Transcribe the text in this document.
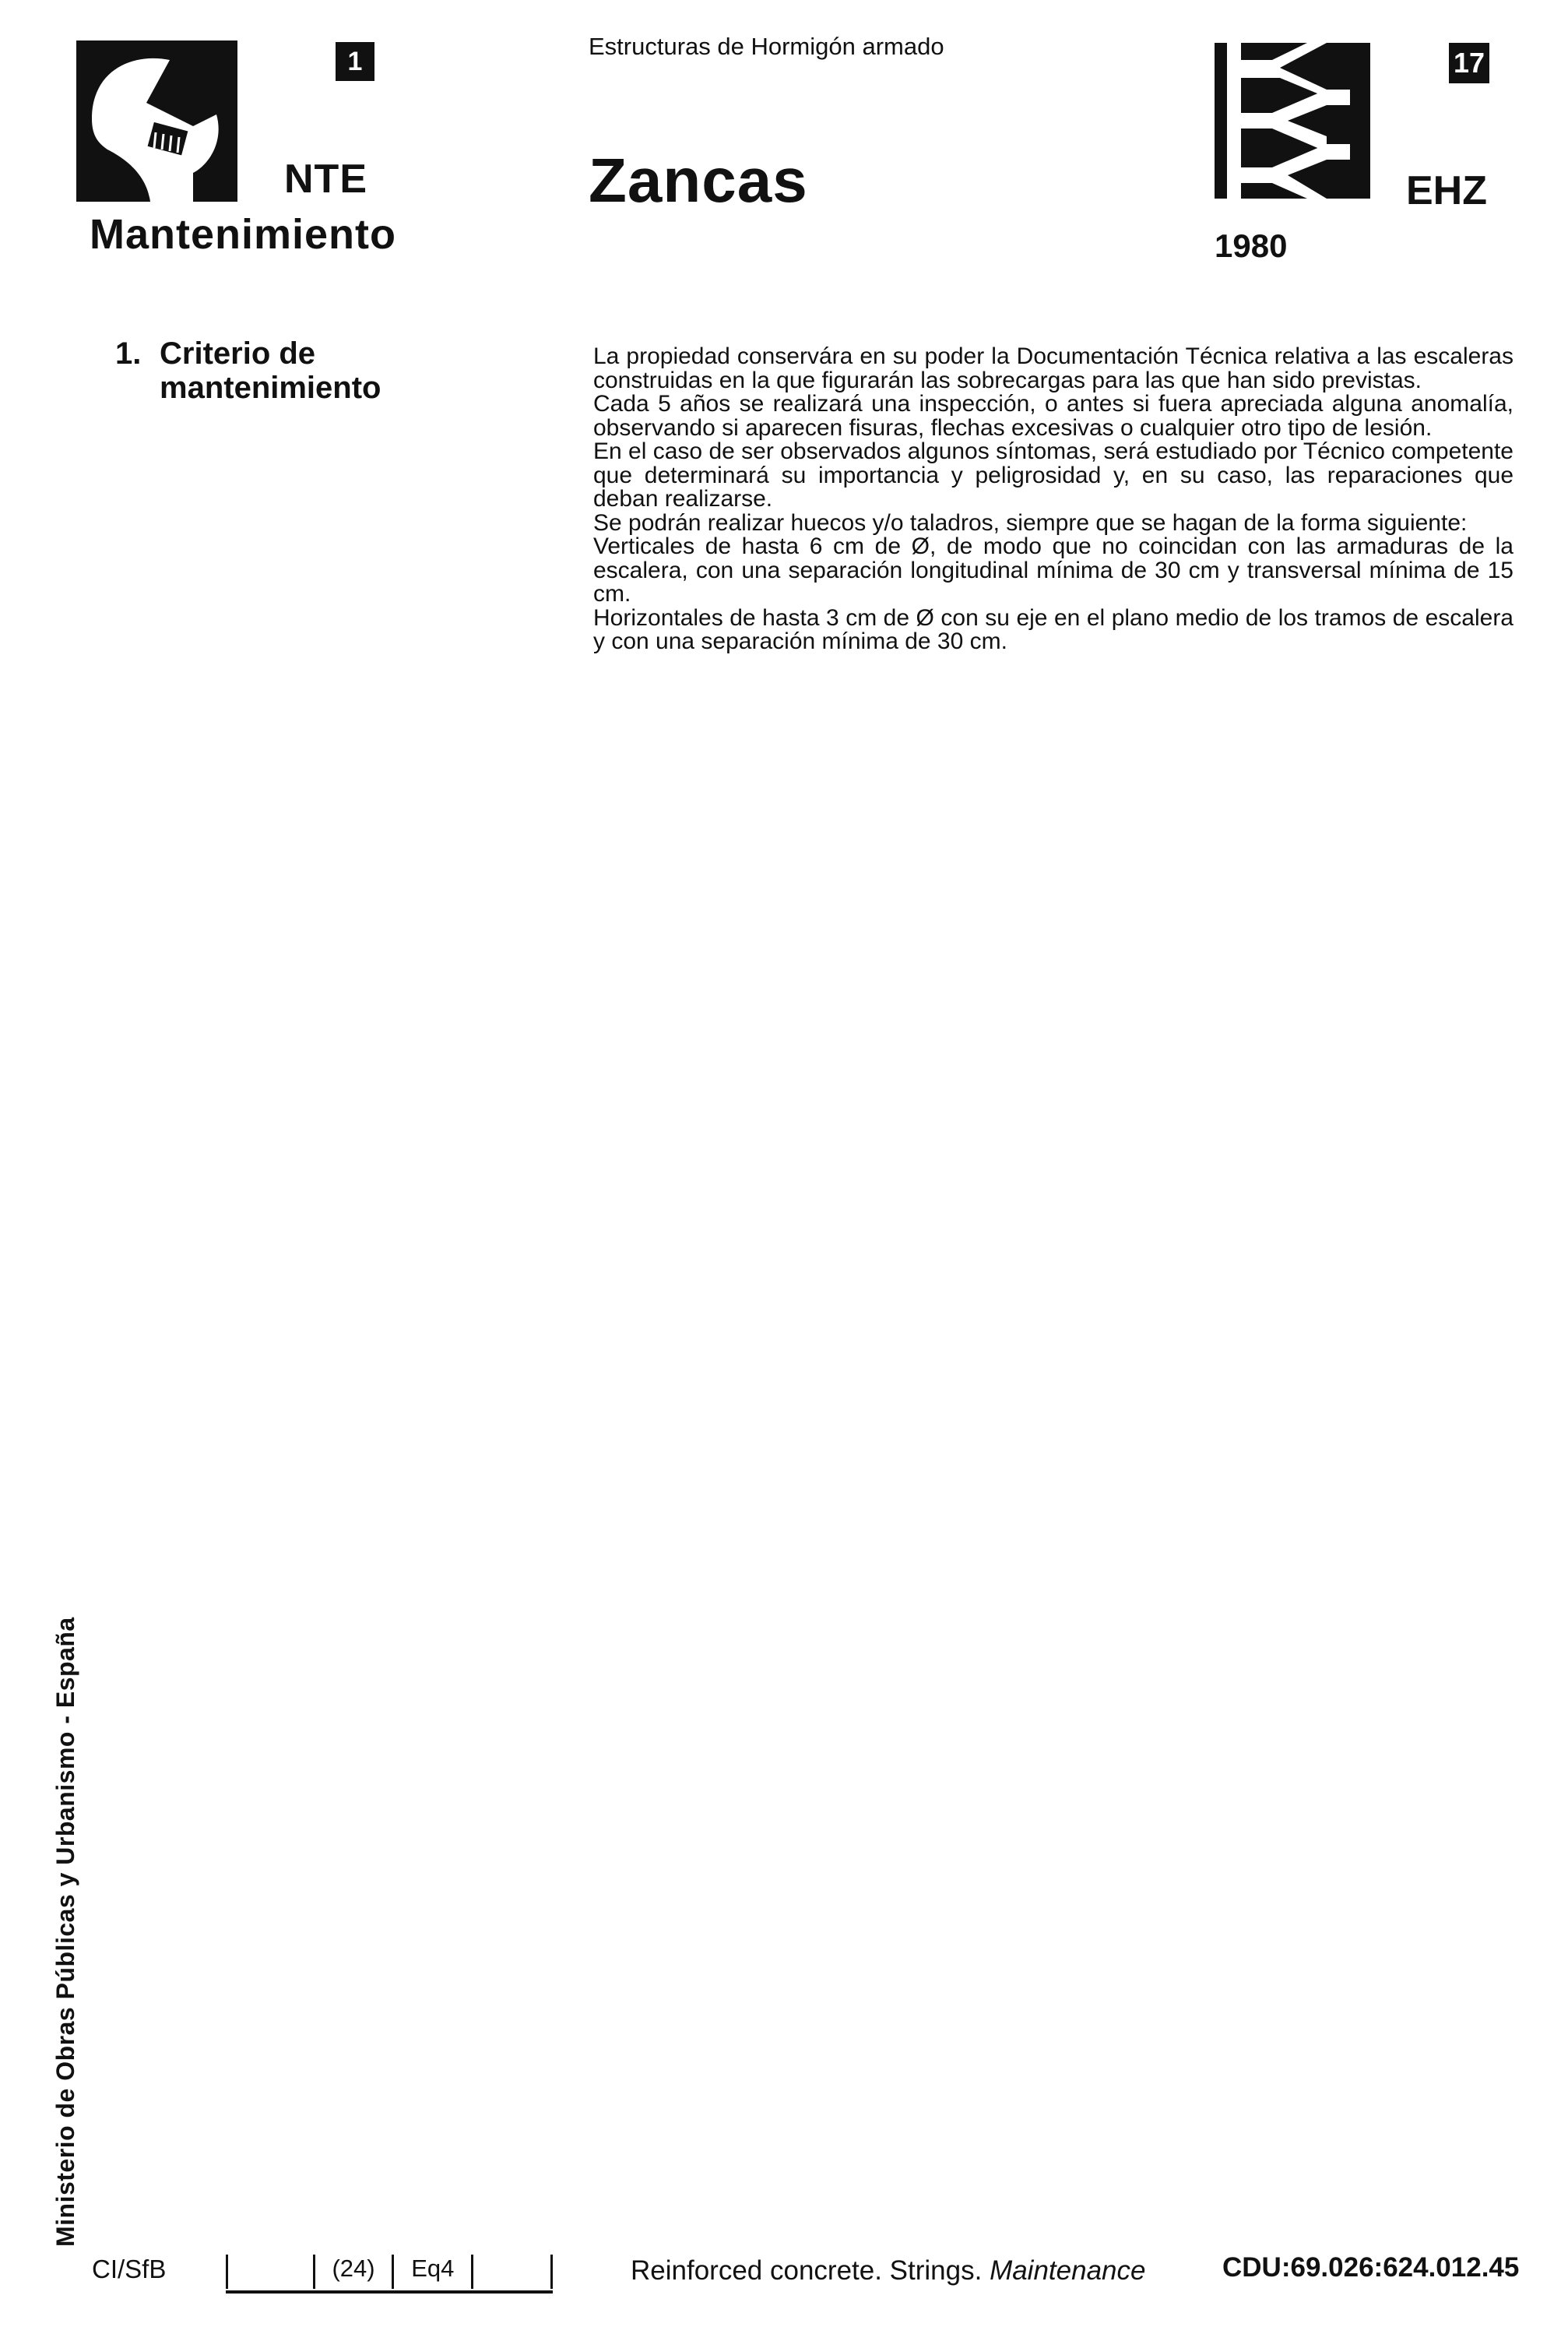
1
NTE
Mantenimiento
Estructuras de Hormigón armado
Zancas
17
EHZ
1980
1. Criterio de
mantenimiento

La propiedad conservára en su poder la Documentación Técnica relativa a las escaleras construidas en la que figurarán las sobrecargas para las que han sido previstas.

Cada 5 años se realizará una inspección, o antes si fuera apreciada alguna anomalía, observando si aparecen fisuras, flechas excesivas o cualquier otro tipo de lesión.

En el caso de ser observados algunos síntomas, será estudiado por Técnico competente que determinará su importancia y peligrosidad y, en su caso, las reparaciones que deban realizarse.

Se podrán realizar huecos y/o taladros, siempre que se hagan de la forma siguiente:

Verticales de hasta 6 cm de Ø, de modo que no coincidan con las armaduras de la escalera, con una separación longitudinal mínima de 30 cm y transversal mínima de 15 cm.

Horizontales de hasta 3 cm de Ø con su eje en el plano medio de los tramos de escalera y con una separación mínima de 30 cm.

Ministerio de Obras Públicas y Urbanismo - España
CI/SfB	(24)	Eq4	Reinforced concrete. Strings. Maintenance	CDU:69.026:624.012.45
